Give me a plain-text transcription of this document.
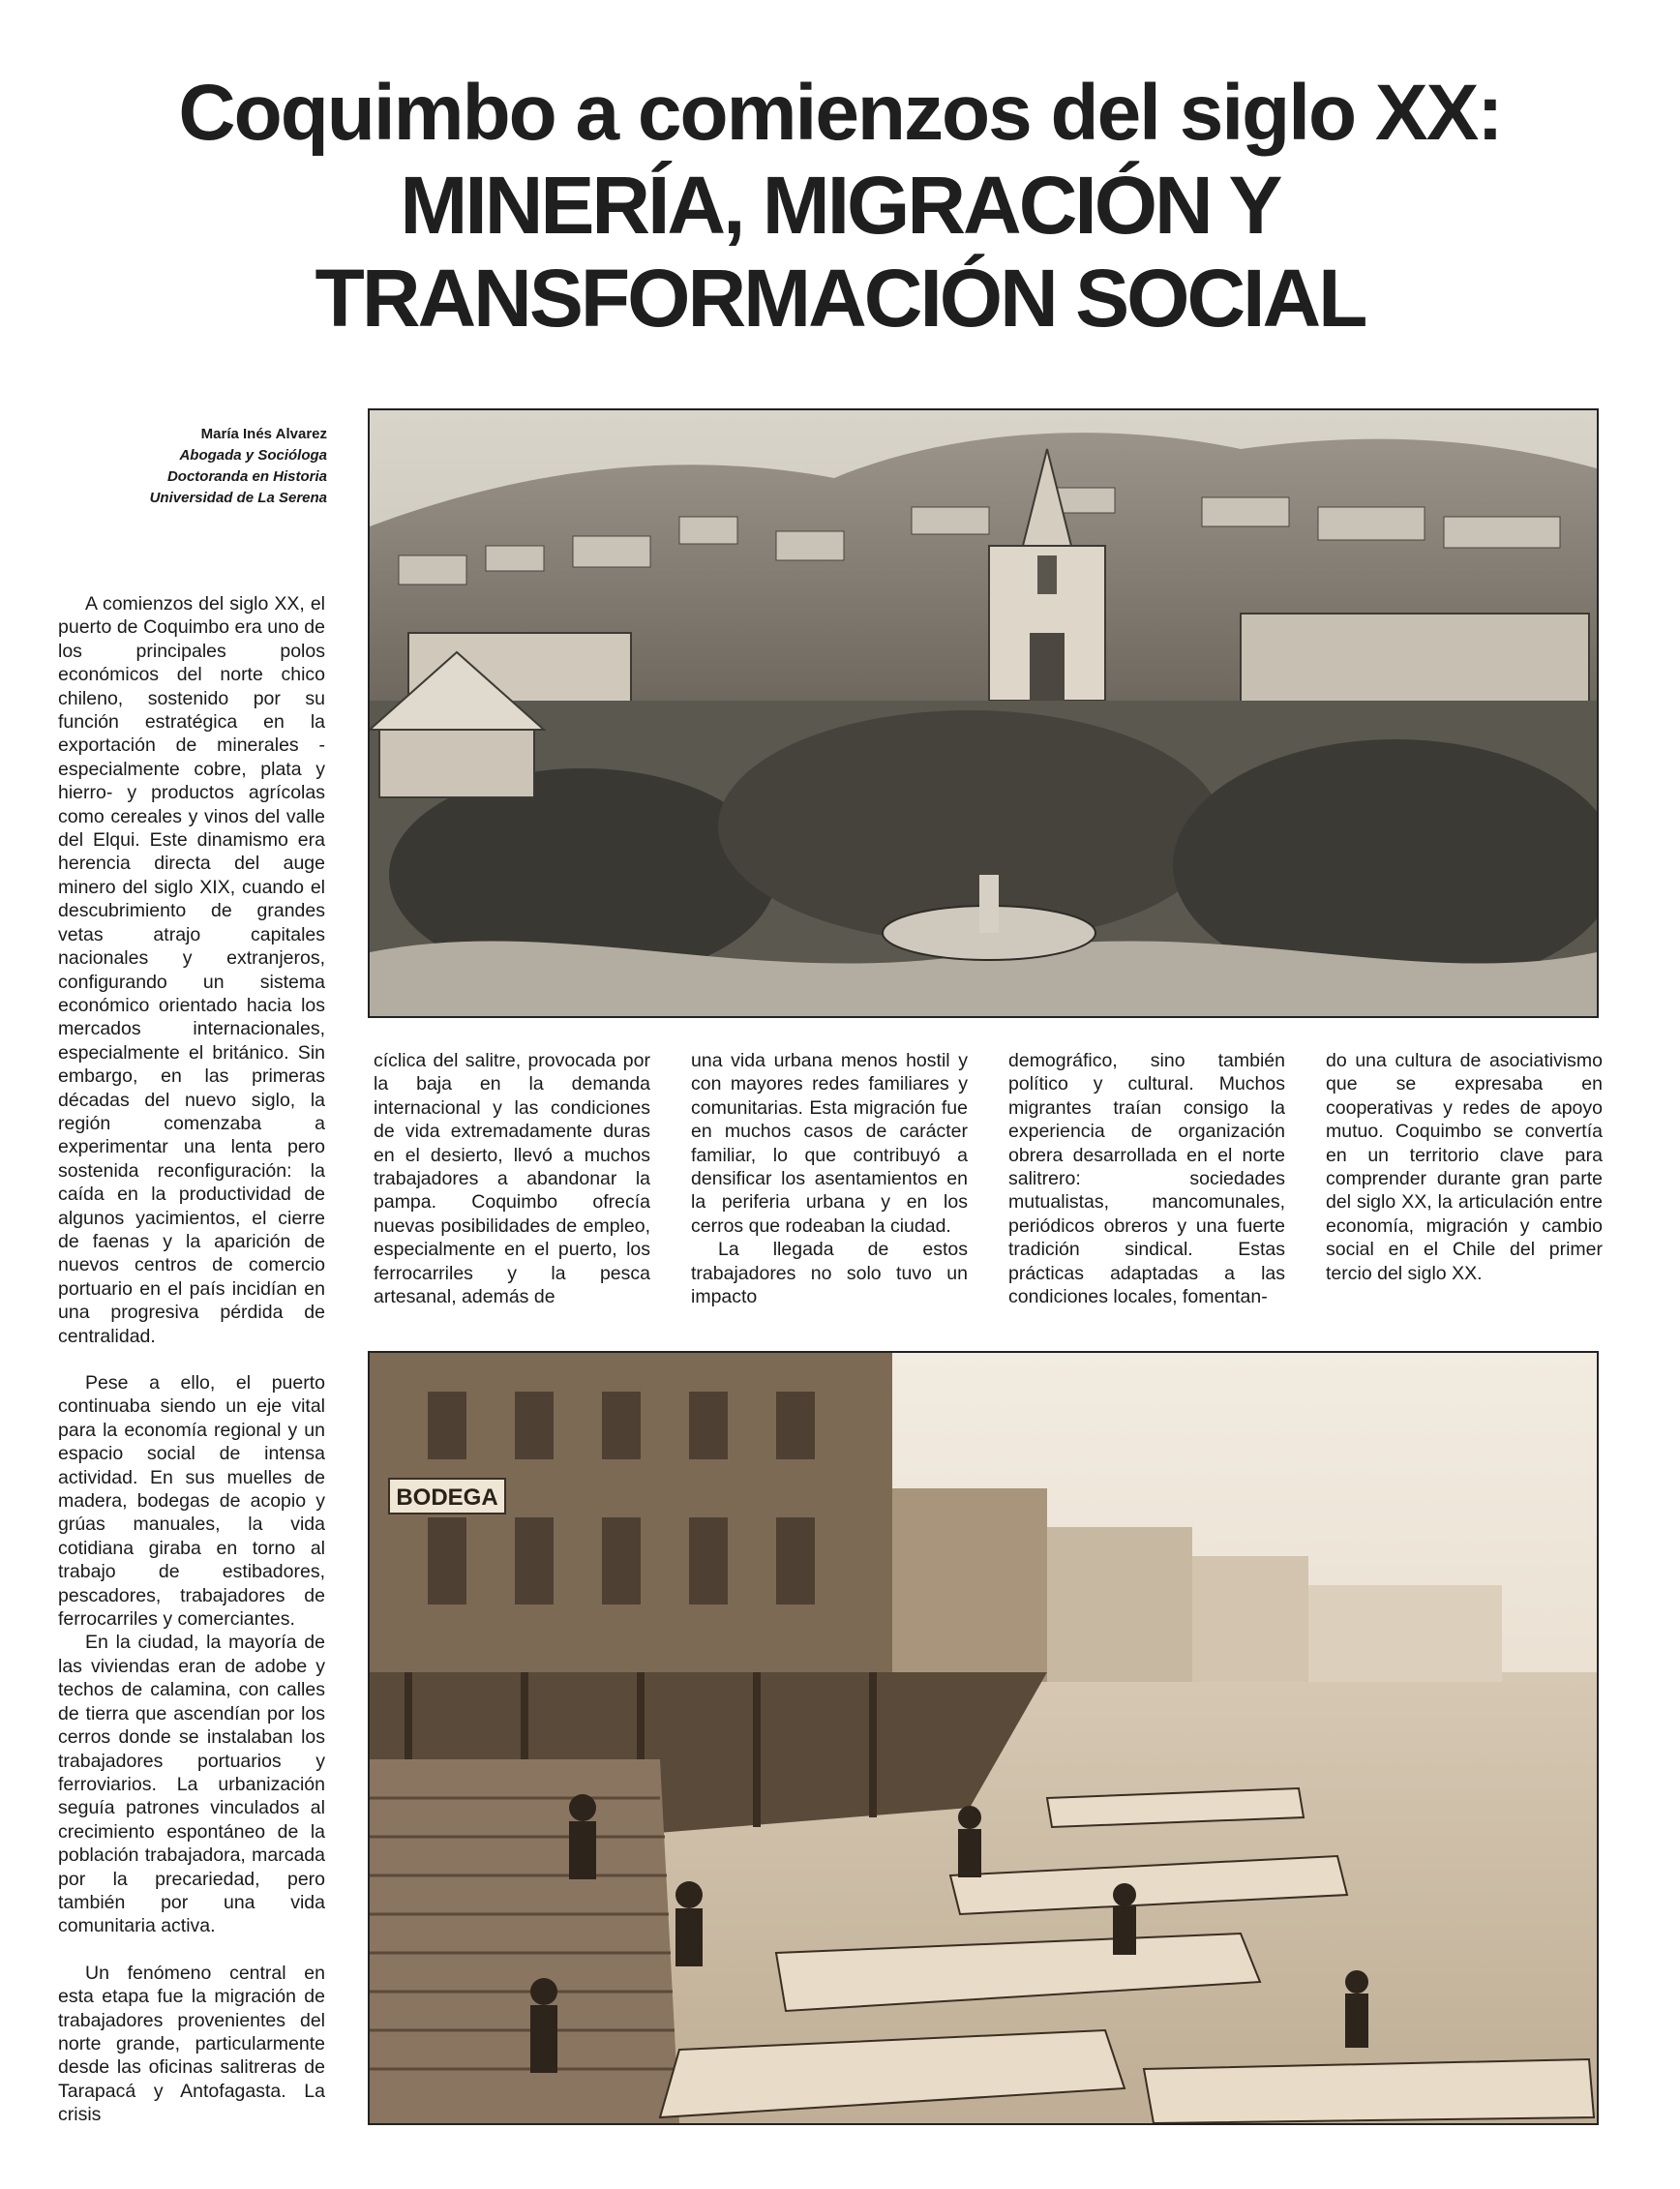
Coquimbo a comienzos del siglo XX:
MINERÍA, MIGRACIÓN Y
TRANSFORMACIÓN SOCIAL
María Inés Alvarez
Abogada y Socióloga
Doctoranda en Historia
Universidad de La Serena

A comienzos del siglo XX, el puerto de Coquimbo era uno de los principales polos económicos del norte chico chileno, sostenido por su función estratégica en la exportación de minerales -especialmente cobre, plata y hierro- y productos agrícolas como cereales y vinos del valle del Elqui. Este dinamismo era herencia directa del auge minero del siglo XIX, cuando el descubrimiento de grandes vetas atrajo capitales nacionales y extranjeros, configurando un sistema económico orientado hacia los mercados internacionales, especialmente el británico. Sin embargo, en las primeras décadas del nuevo siglo, la región comenzaba a experimentar una lenta pero sostenida reconfiguración: la caída en la productividad de algunos yacimientos, el cierre de faenas y la aparición de nuevos centros de comercio portuario en el país incidían en una progresiva pérdida de centralidad.

Pese a ello, el puerto continuaba siendo un eje vital para la economía regional y un espacio social de intensa actividad. En sus muelles de madera, bodegas de acopio y grúas manuales, la vida cotidiana giraba en torno al trabajo de estibadores, pescadores, trabajadores de ferrocarriles y comerciantes.

En la ciudad, la mayoría de las viviendas eran de adobe y techos de calamina, con calles de tierra que ascendían por los cerros donde se instalaban los trabajadores portuarios y ferroviarios. La urbanización seguía patrones vinculados al crecimiento espontáneo de la población trabajadora, marcada por la precariedad, pero también por una vida comunitaria activa.

Un fenómeno central en esta etapa fue la migración de trabajadores provenientes del norte grande, particularmente desde las oficinas salitreras de Tarapacá y Antofagasta. La crisis

cíclica del salitre, provocada por la baja en la demanda internacional y las condiciones de vida extremadamente duras en el desierto, llevó a muchos trabajadores a abandonar la pampa. Coquimbo ofrecía nuevas posibilidades de empleo, especialmente en el puerto, los ferrocarriles y la pesca artesanal, además de

una vida urbana menos hostil y con mayores redes familiares y comunitarias. Esta migración fue en muchos casos de carácter familiar, lo que contribuyó a densificar los asentamientos en la periferia urbana y en los cerros que rodeaban la ciudad.

La llegada de estos trabajadores no solo tuvo un impacto

demográfico, sino también político y cultural. Muchos migrantes traían consigo la experiencia de organización obrera desarrollada en el norte salitrero: sociedades mutualistas, mancomunales, periódicos obreros y una fuerte tradición sindical. Estas prácticas adaptadas a las condiciones locales, fomentan-

do una cultura de asociativismo que se expresaba en cooperativas y redes de apoyo mutuo. Coquimbo se convertía en un territorio clave para comprender durante gran parte del siglo XX, la articulación entre economía, migración y cambio social en el Chile del primer tercio del siglo XX.

BODEGA
